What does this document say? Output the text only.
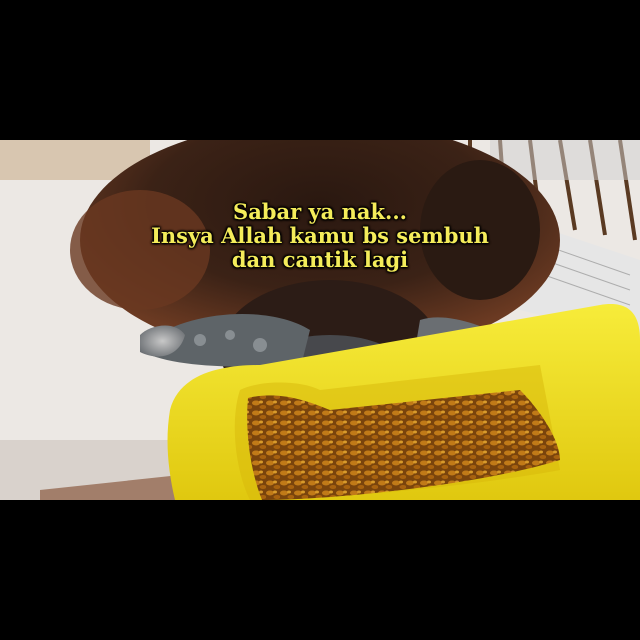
Sabar ya nak...
Insya Allah kamu bs sembuh
dan cantik lagi
